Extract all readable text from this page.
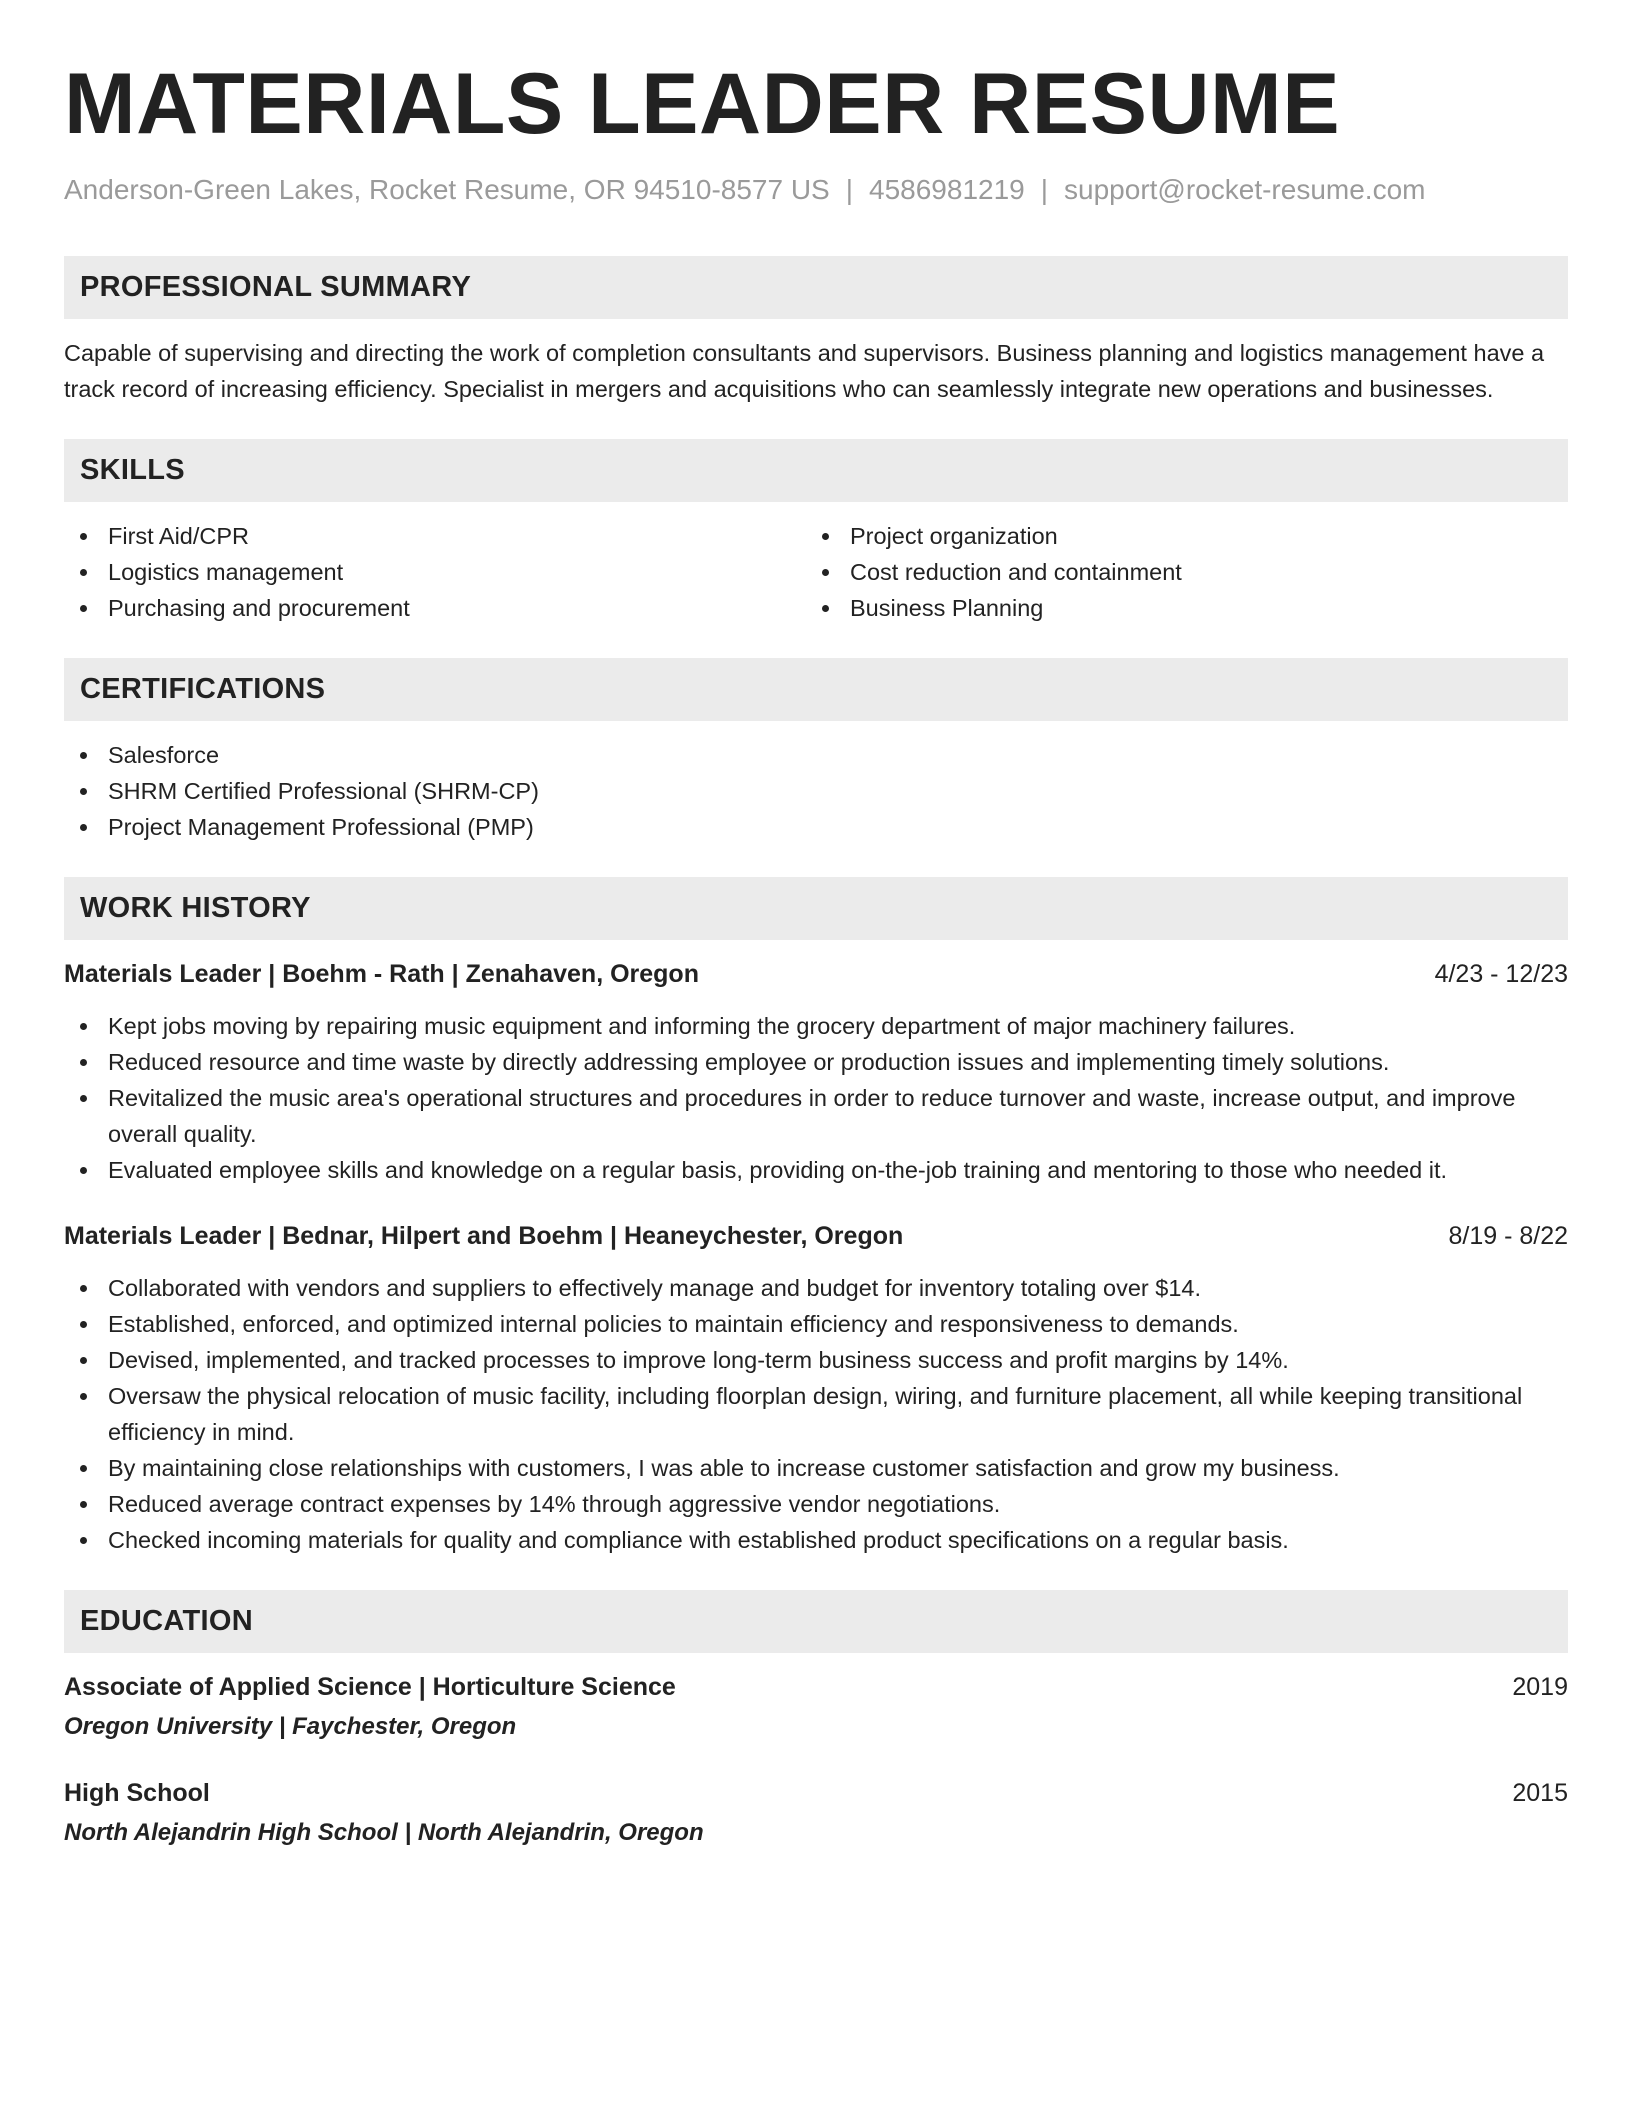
MATERIALS LEADER RESUME
Anderson-Green Lakes, Rocket Resume, OR 94510-8577 US | 4586981219 | support@rocket-resume.com
PROFESSIONAL SUMMARY
Capable of supervising and directing the work of completion consultants and supervisors. Business planning and logistics management have a track record of increasing efficiency. Specialist in mergers and acquisitions who can seamlessly integrate new operations and businesses.
SKILLS
First Aid/CPR
Logistics management
Purchasing and procurement
Project organization
Cost reduction and containment
Business Planning
CERTIFICATIONS
Salesforce
SHRM Certified Professional (SHRM-CP)
Project Management Professional (PMP)
WORK HISTORY
Materials Leader | Boehm - Rath | Zenahaven, Oregon	4/23 - 12/23
Kept jobs moving by repairing music equipment and informing the grocery department of major machinery failures.
Reduced resource and time waste by directly addressing employee or production issues and implementing timely solutions.
Revitalized the music area's operational structures and procedures in order to reduce turnover and waste, increase output, and improve overall quality.
Evaluated employee skills and knowledge on a regular basis, providing on-the-job training and mentoring to those who needed it.
Materials Leader | Bednar, Hilpert and Boehm | Heaneychester, Oregon	8/19 - 8/22
Collaborated with vendors and suppliers to effectively manage and budget for inventory totaling over $14.
Established, enforced, and optimized internal policies to maintain efficiency and responsiveness to demands.
Devised, implemented, and tracked processes to improve long-term business success and profit margins by 14%.
Oversaw the physical relocation of music facility, including floorplan design, wiring, and furniture placement, all while keeping transitional efficiency in mind.
By maintaining close relationships with customers, I was able to increase customer satisfaction and grow my business.
Reduced average contract expenses by 14% through aggressive vendor negotiations.
Checked incoming materials for quality and compliance with established product specifications on a regular basis.
EDUCATION
Associate of Applied Science | Horticulture Science	2019
Oregon University | Faychester, Oregon
High School	2015
North Alejandrin High School | North Alejandrin, Oregon
